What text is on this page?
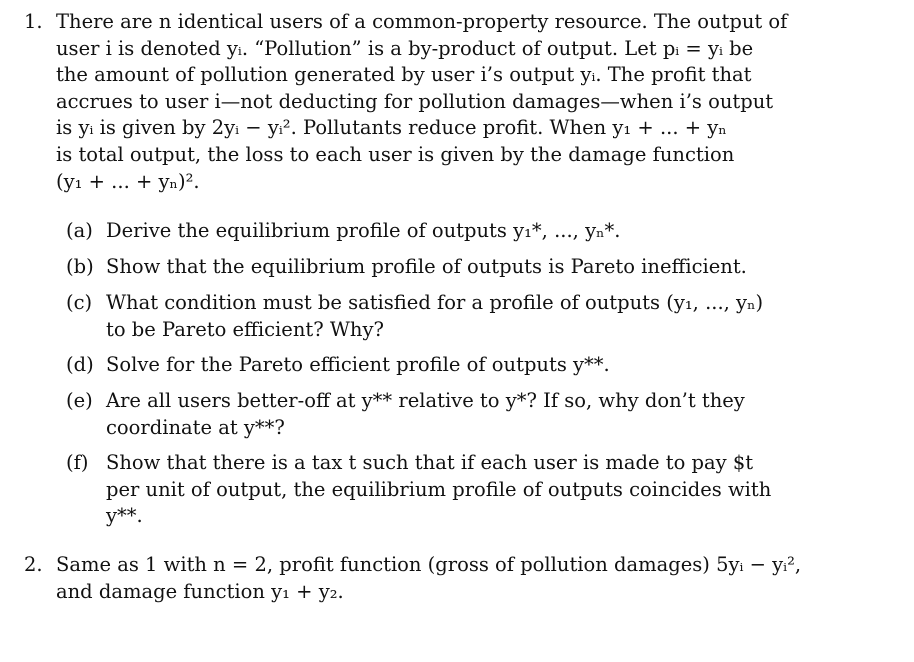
1. There are n identical users of a common-property resource. The output of
user i is denoted yᵢ. “Pollution” is a by-product of output. Let pᵢ = yᵢ be
the amount of pollution generated by user i’s output yᵢ. The profit that
accrues to user i—not deducting for pollution damages—when i’s output
is yᵢ is given by 2yᵢ − yᵢ². Pollutants reduce profit. When y₁ + ... + yₙ
is total output, the loss to each user is given by the damage function
(y₁ + ... + yₙ)².
(a) Derive the equilibrium profile of outputs y₁*, ..., yₙ*.
(b) Show that the equilibrium profile of outputs is Pareto inefficient.
(c) What condition must be satisfied for a profile of outputs (y₁, ..., yₙ)
to be Pareto efficient? Why?
(d) Solve for the Pareto efficient profile of outputs y**.
(e) Are all users better-off at y** relative to y*? If so, why don’t they
coordinate at y**?
(f) Show that there is a tax t such that if each user is made to pay $t
per unit of output, the equilibrium profile of outputs coincides with
y**.
2. Same as 1 with n = 2, profit function (gross of pollution damages) 5yᵢ − yᵢ²,
and damage function y₁ + y₂.
